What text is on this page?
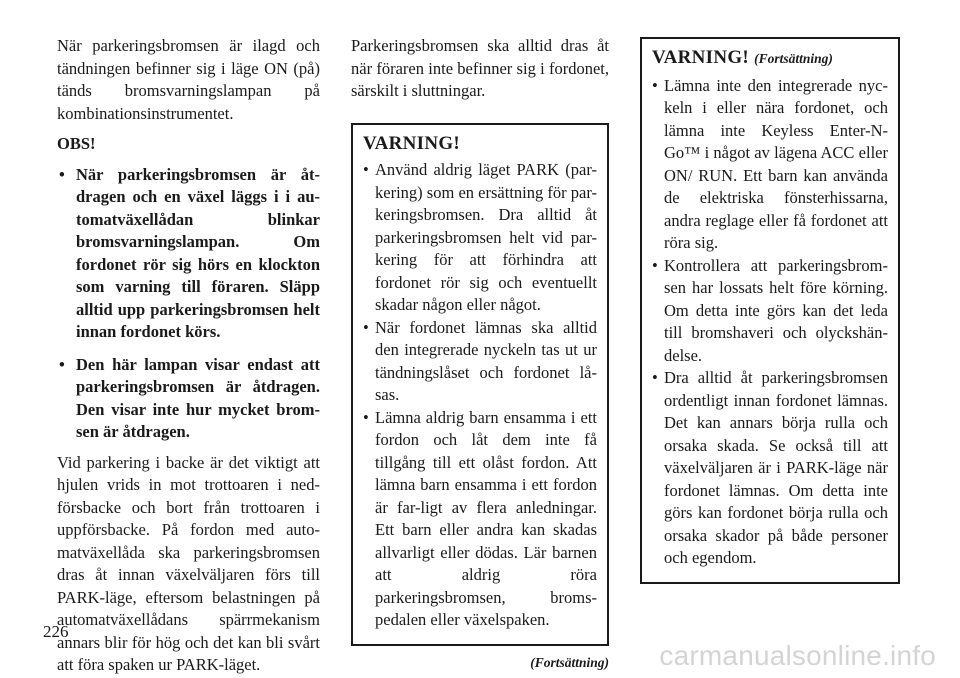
När parkeringsbromsen är ilagd och tändningen befinner sig i läge ON (på) tänds bromsvarningslampan på kombinationsinstrumentet.

OBS!

• När parkeringsbromsen är åt-dragen och en växel läggs i i au-tomatväxellådan blinkar bromsvarningslampan. Om fordonet rör sig hörs en klockton som varning till föraren. Släpp alltid upp parkeringsbromsen helt innan fordonet körs.
• Den här lampan visar endast att parkeringsbromsen är åtdragen. Den visar inte hur mycket brom-sen är åtdragen.

Vid parkering i backe är det viktigt att hjulen vrids in mot trottoaren i ned-försbacke och bort från trottoaren i uppförsbacke. På fordon med auto-matväxellåda ska parkeringsbromsen dras åt innan växelväljaren förs till PARK-läge, eftersom belastningen på automatväxellådans spärrmekanism annars blir för hög och det kan bli svårt att föra spaken ur PARK-läget.

Parkeringsbromsen ska alltid dras åt när föraren inte befinner sig i fordonet, särskilt i sluttningar.

VARNING!
• Använd aldrig läget PARK (par-kering) som en ersättning för par-keringsbromsen. Dra alltid åt parkeringsbromsen helt vid par-kering för att förhindra att fordonet rör sig och eventuellt skadar någon eller något.
• När fordonet lämnas ska alltid den integrerade nyckeln tas ut ur tändningslåset och fordonet lå-sas.
• Lämna aldrig barn ensamma i ett fordon och låt dem inte få tillgång till ett olåst fordon. Att lämna barn ensamma i ett fordon är far-ligt av flera anledningar. Ett barn eller andra kan skadas allvarligt eller dödas. Lär barnen att aldrig röra parkeringsbromsen, broms-pedalen eller växelspaken.
(Fortsättning)
VARNING! (Fortsättning)
• Lämna inte den integrerade nyc-keln i eller nära fordonet, och lämna inte Keyless Enter-N-Go™ i något av lägena ACC eller ON/ RUN. Ett barn kan använda de elektriska fönsterhissarna, andra reglage eller få fordonet att röra sig.
• Kontrollera att parkeringsbrom-sen har lossats helt före körning. Om detta inte görs kan det leda till bromshaveri och olyckshän-delse.
• Dra alltid åt parkeringsbromsen ordentligt innan fordonet lämnas. Det kan annars börja rulla och orsaka skada. Se också till att växelväljaren är i PARK-läge när fordonet lämnas. Om detta inte görs kan fordonet börja rulla och orsaka skador på både personer och egendom.
226
carmanualsonline.info
